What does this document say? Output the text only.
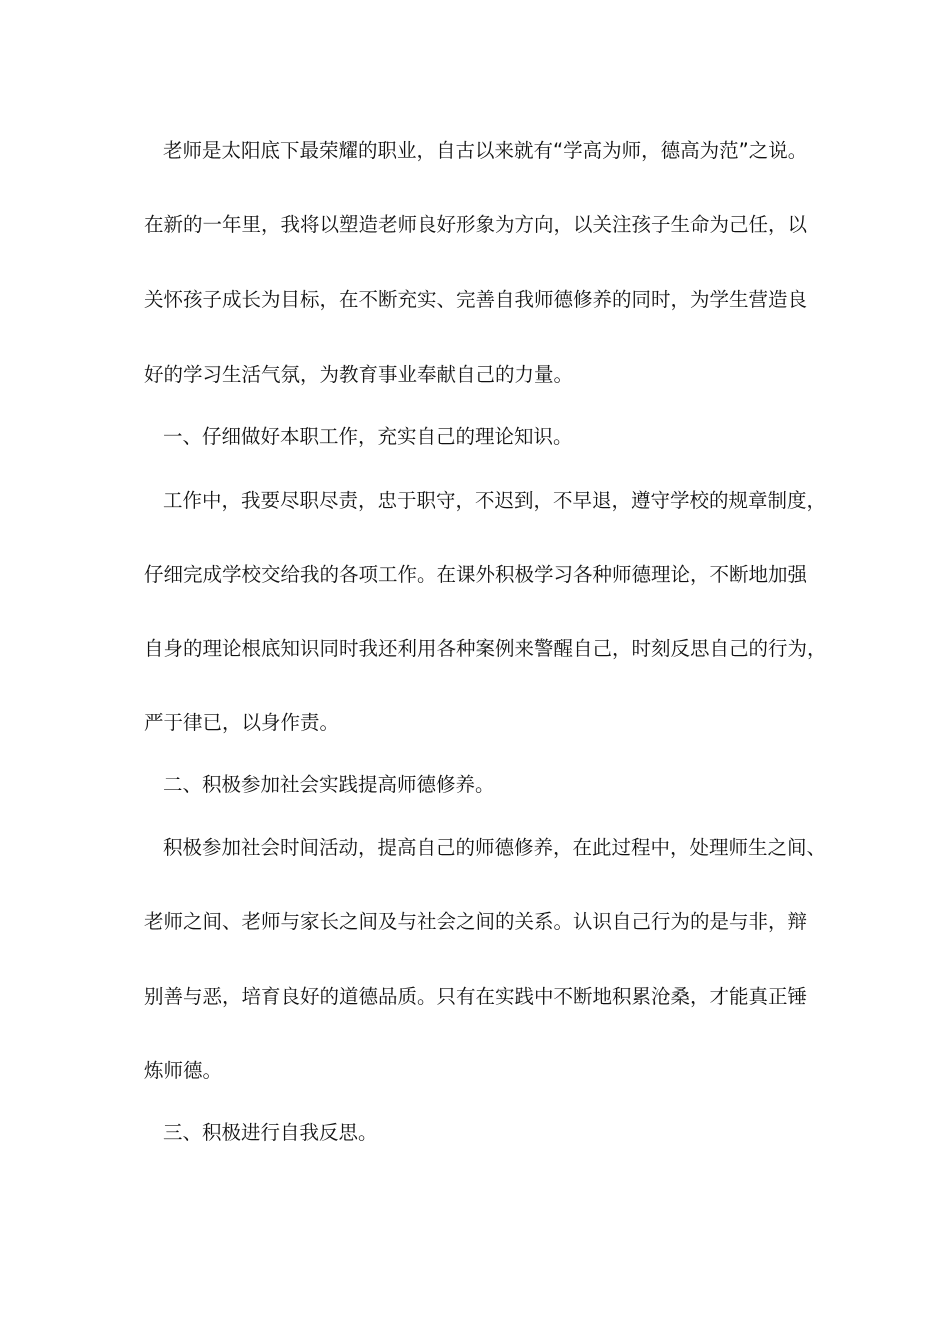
老师是太阳底下最荣耀的职业，自古以来就有“学高为师，德高为范”之说。
在新的一年里，我将以塑造老师良好形象为方向，以关注孩子生命为己任，以
关怀孩子成长为目标，在不断充实、完善自我师德修养的同时，为学生营造良
好的学习生活气氛，为教育事业奉献自己的力量。
一、仔细做好本职工作，充实自己的理论知识。
工作中，我要尽职尽责，忠于职守，不迟到，不早退，遵守学校的规章制度，
仔细完成学校交给我的各项工作。在课外积极学习各种师德理论，不断地加强
自身的理论根底知识同时我还利用各种案例来警醒自己，时刻反思自己的行为，
严于律已，以身作责。
二、积极参加社会实践提高师德修养。
积极参加社会时间活动，提高自己的师德修养，在此过程中，处理师生之间、
老师之间、老师与家长之间及与社会之间的关系。认识自己行为的是与非，辩
别善与恶，培育良好的道德品质。只有在实践中不断地积累沧桑，才能真正锤
炼师德。
三、积极进行自我反思。
